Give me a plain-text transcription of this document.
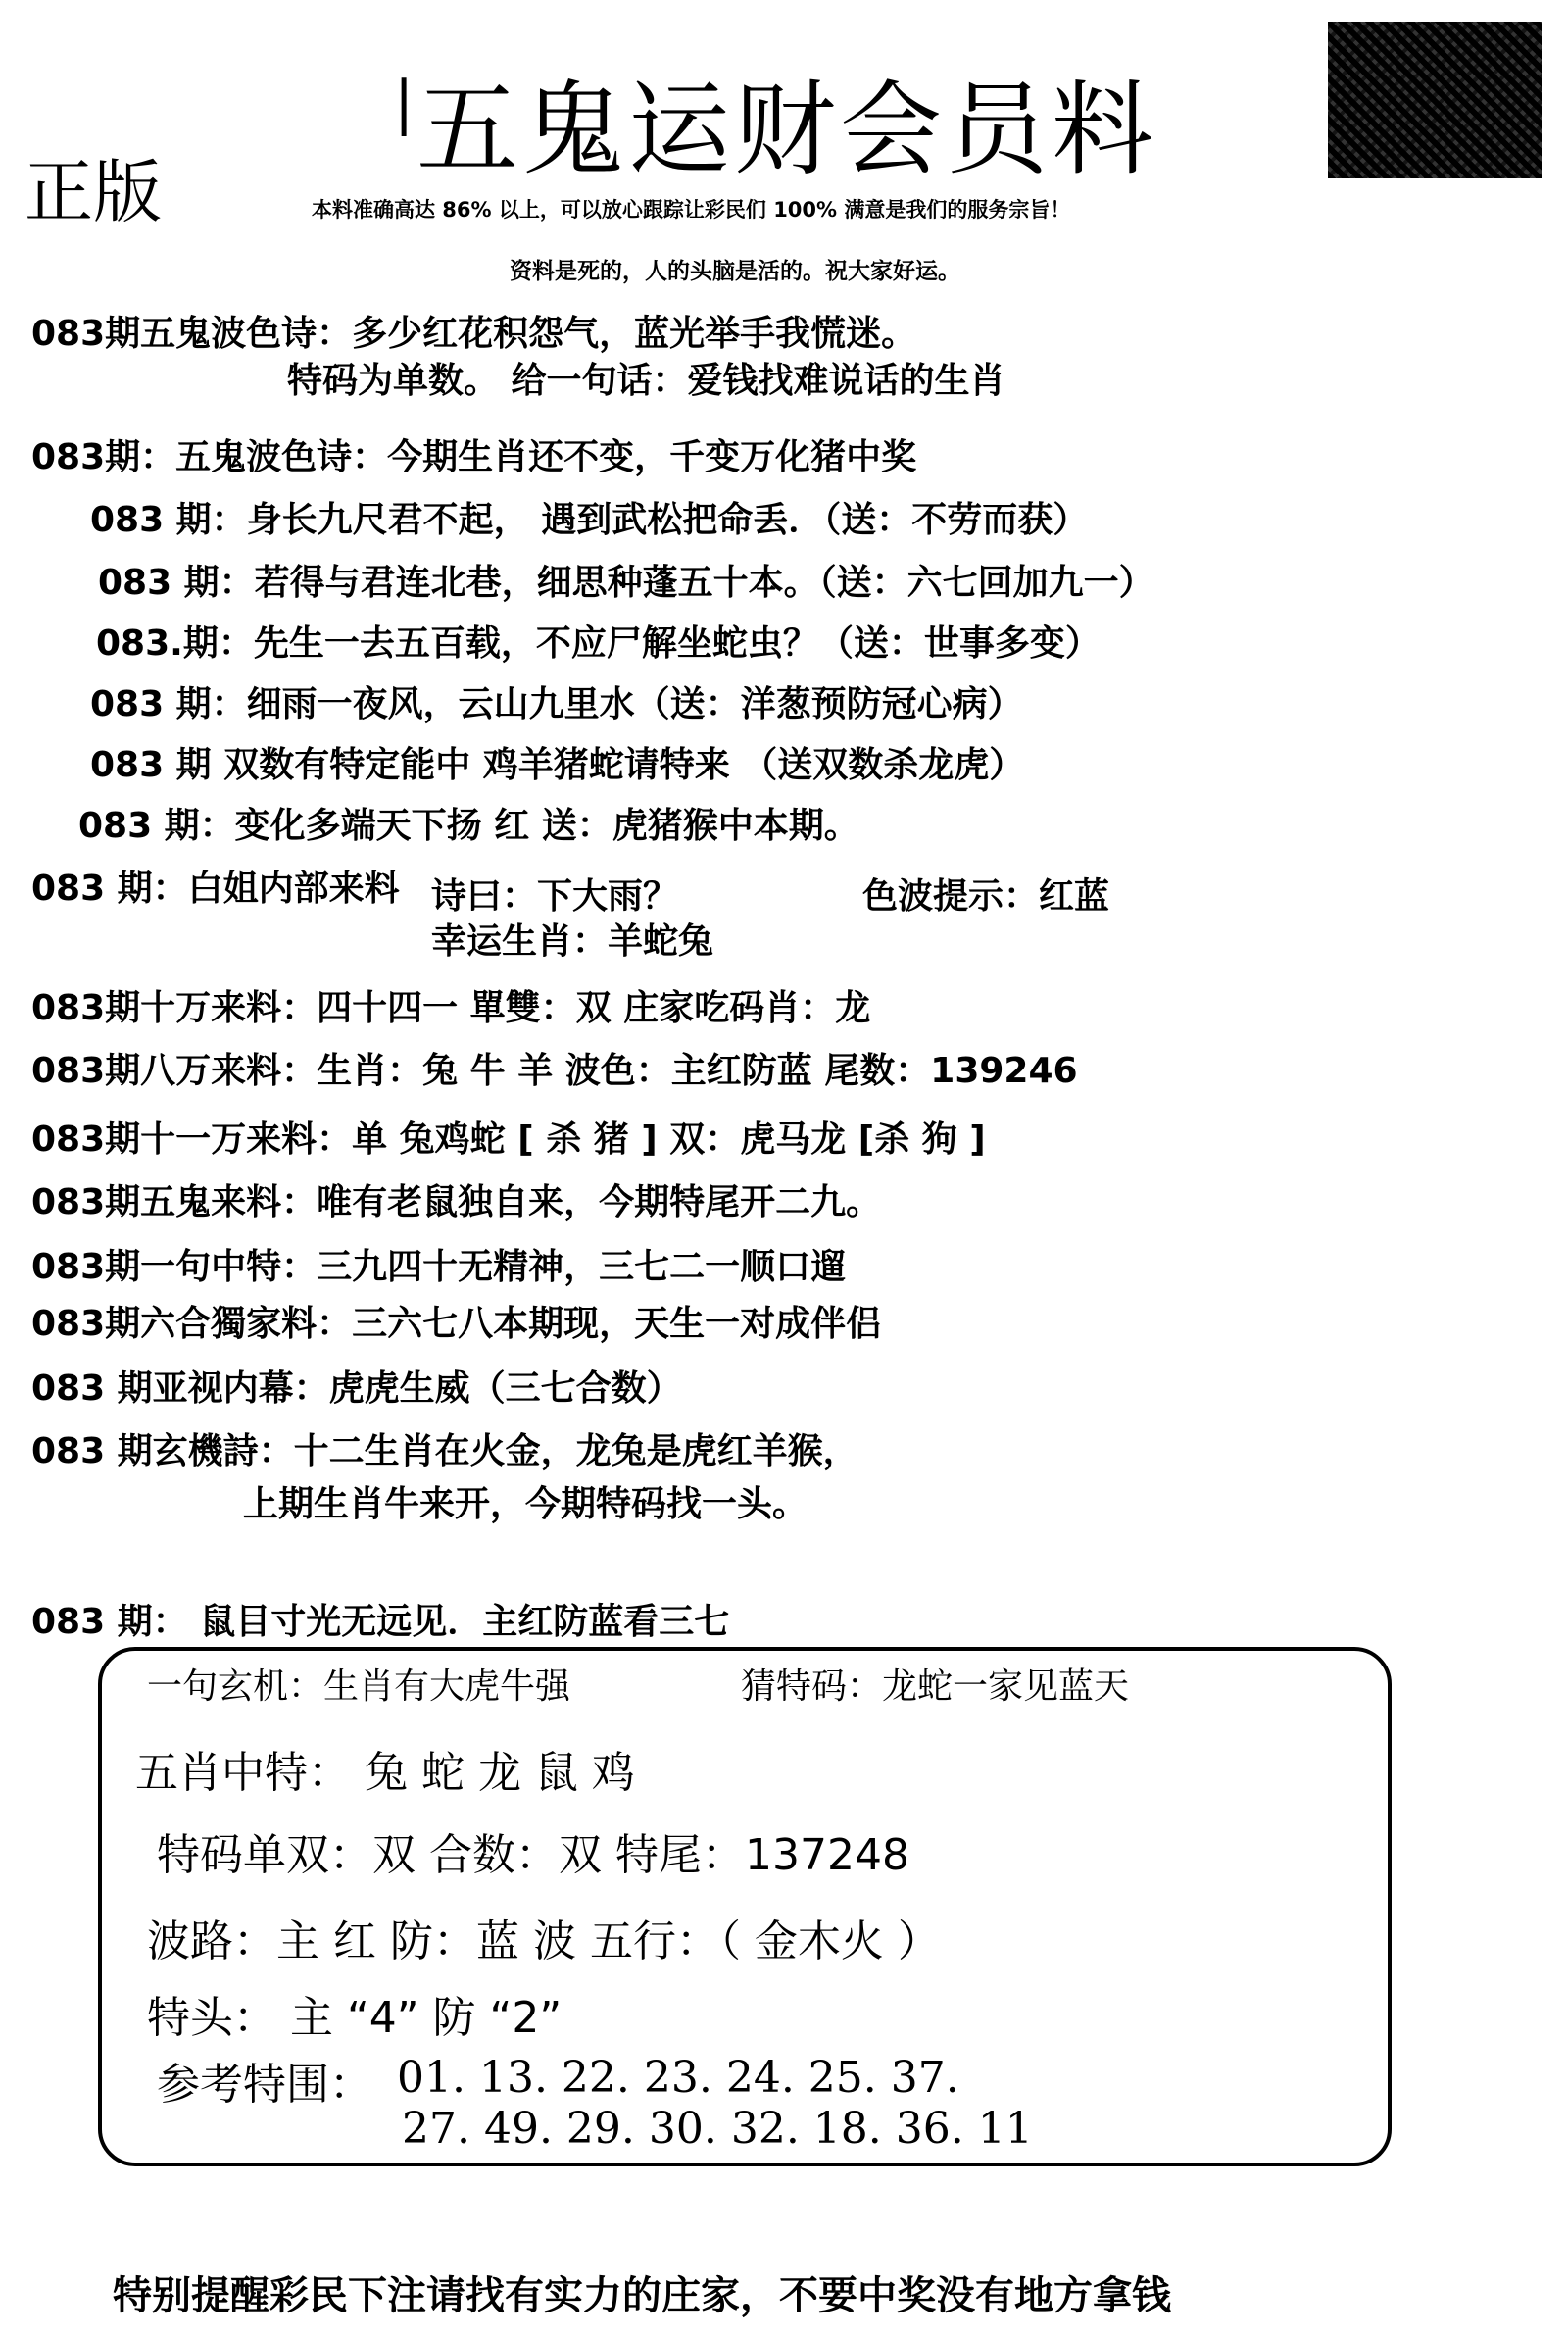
| 五鬼运财会员料
正版	本料准确高达 86% 以上，可以放心跟踪让彩民们 100% 满意是我们的服务宗旨！
资料是死的，人的头脑是活的。祝大家好运。
083期五鬼波色诗：多少红花积怨气，蓝光举手我慌迷。
特码为单数。 给一句话：爱钱找难说话的生肖
083期：五鬼波色诗：今期生肖还不变，千变万化猪中奖
083 期：身长九尺君不起， 遇到武松把命丢．（送：不劳而获）
083 期：若得与君连北巷，细思种蓬五十本。（送：六七回加九一）
083.期：先生一去五百载，不应尸解坐蛇虫？（送：世事多变）
083 期：细雨一夜风，云山九里水（送：洋葱预防冠心病）
083 期 双数有特定能中 鸡羊猪蛇请特来 （送双数杀龙虎）
083 期：变化多端天下扬 红 送：虎猪猴中本期。
083 期：白姐内部来料 诗曰：下大雨？	色波提示：红蓝
幸运生肖：羊蛇兔
083期十万来料：四十四一 單雙：双 庄家吃码肖：龙
083期八万来料：生肖：兔 牛 羊 波色：主红防蓝 尾数：139246
083期十一万来料：单 兔鸡蛇 [ 杀 猪 ] 双：虎马龙 [杀 狗 ]
083期五鬼来料：唯有老鼠独自来，今期特尾开二九。
083期一句中特：三九四十无精神，三七二一顺口遛
083期六合獨家料：三六七八本期现，天生一对成伴侣
083 期亚视内幕：虎虎生威（三七合数）
083 期玄機詩：十二生肖在火金，龙兔是虎红羊猴，
上期生肖牛来开，今期特码找一头。
083 期： 鼠目寸光无远见．主红防蓝看三七
一句玄机：生肖有大虎牛强	猜特码：龙蛇一家见蓝天
五肖中特： 兔 蛇 龙 鼠 鸡
特码单双：双 合数：双 特尾：137248
波路：主 红 防：蓝 波 五行：（ 金木火 ）
特头： 主 “4” 防 “2”
参考特围： 01. 13. 22. 23. 24. 25. 37.
27. 49. 29. 30. 32. 18. 36. 11
特别提醒彩民下注请找有实力的庄家，不要中奖没有地方拿钱
